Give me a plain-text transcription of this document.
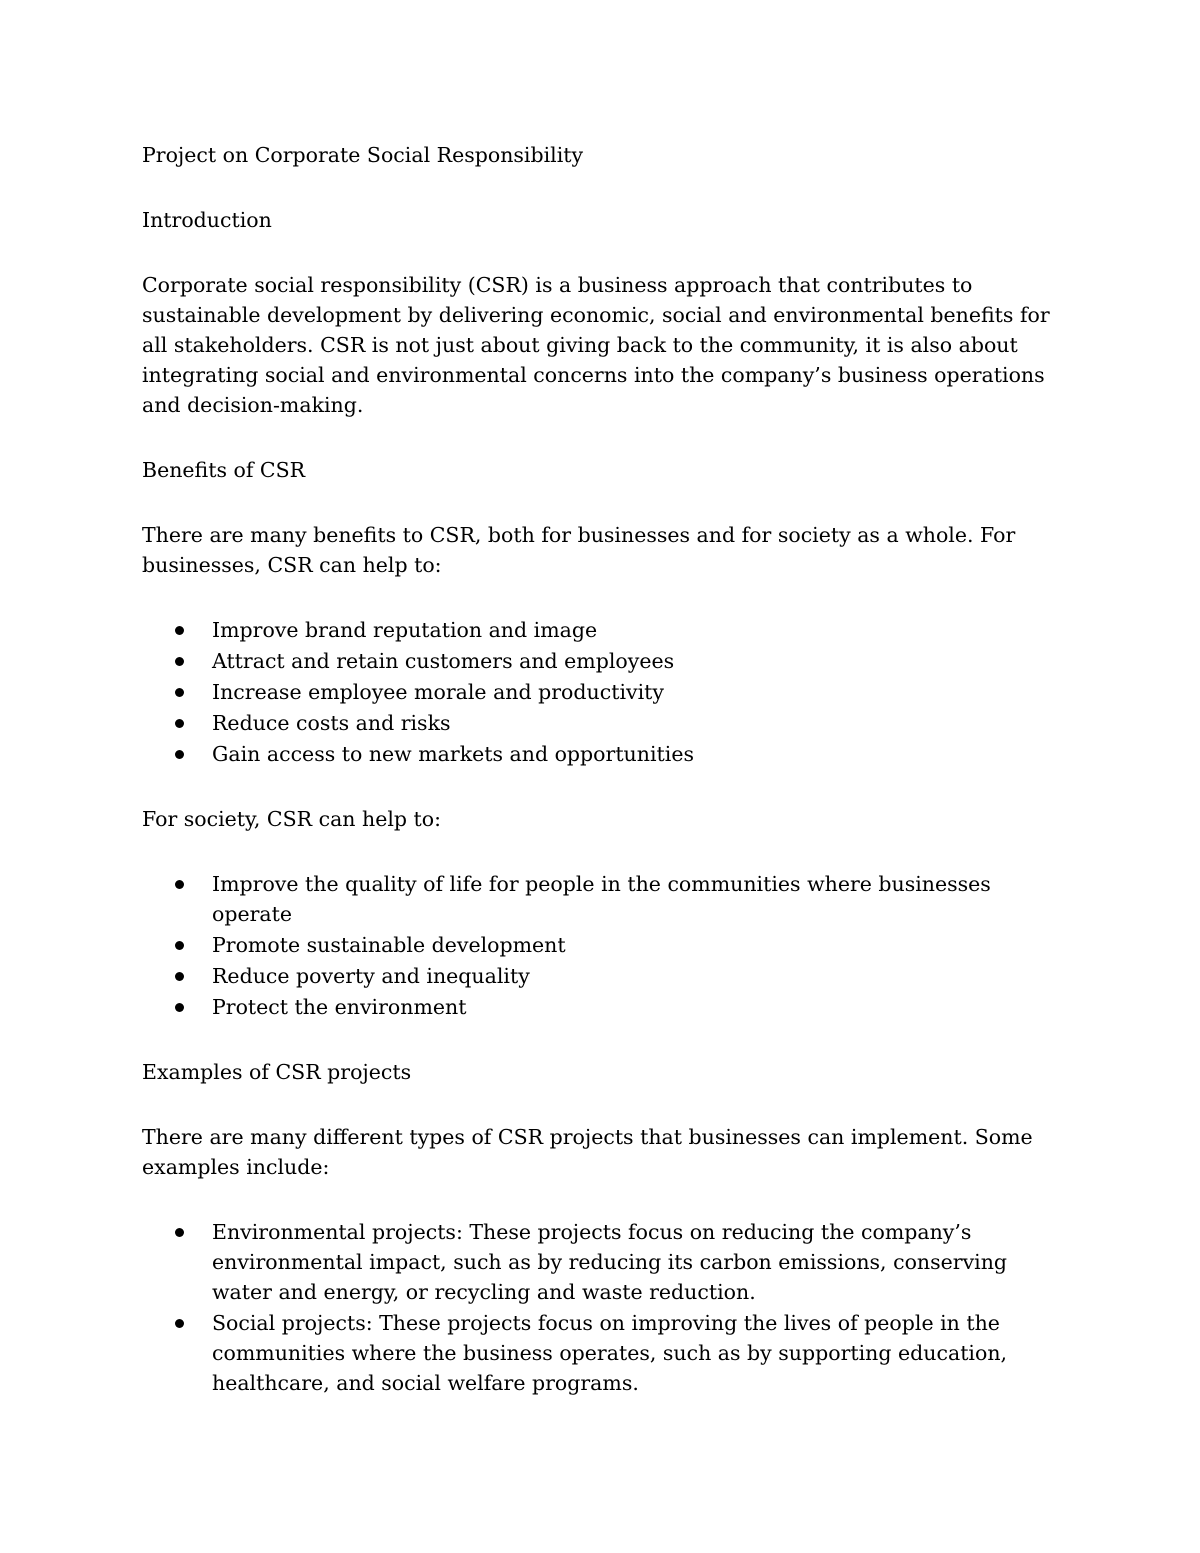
Project on Corporate Social Responsibility

Introduction

Corporate social responsibility (CSR) is a business approach that contributes to sustainable development by delivering economic, social and environmental benefits for all stakeholders. CSR is not just about giving back to the community, it is also about integrating social and environmental concerns into the company’s business operations and decision-making.

Benefits of CSR

There are many benefits to CSR, both for businesses and for society as a whole. For businesses, CSR can help to:

Improve brand reputation and image
Attract and retain customers and employees
Increase employee morale and productivity
Reduce costs and risks
Gain access to new markets and opportunities

For society, CSR can help to:

Improve the quality of life for people in the communities where businesses operate
Promote sustainable development
Reduce poverty and inequality
Protect the environment

Examples of CSR projects

There are many different types of CSR projects that businesses can implement. Some examples include:

Environmental projects: These projects focus on reducing the company’s environmental impact, such as by reducing its carbon emissions, conserving water and energy, or recycling and waste reduction.
Social projects: These projects focus on improving the lives of people in the communities where the business operates, such as by supporting education, healthcare, and social welfare programs.
